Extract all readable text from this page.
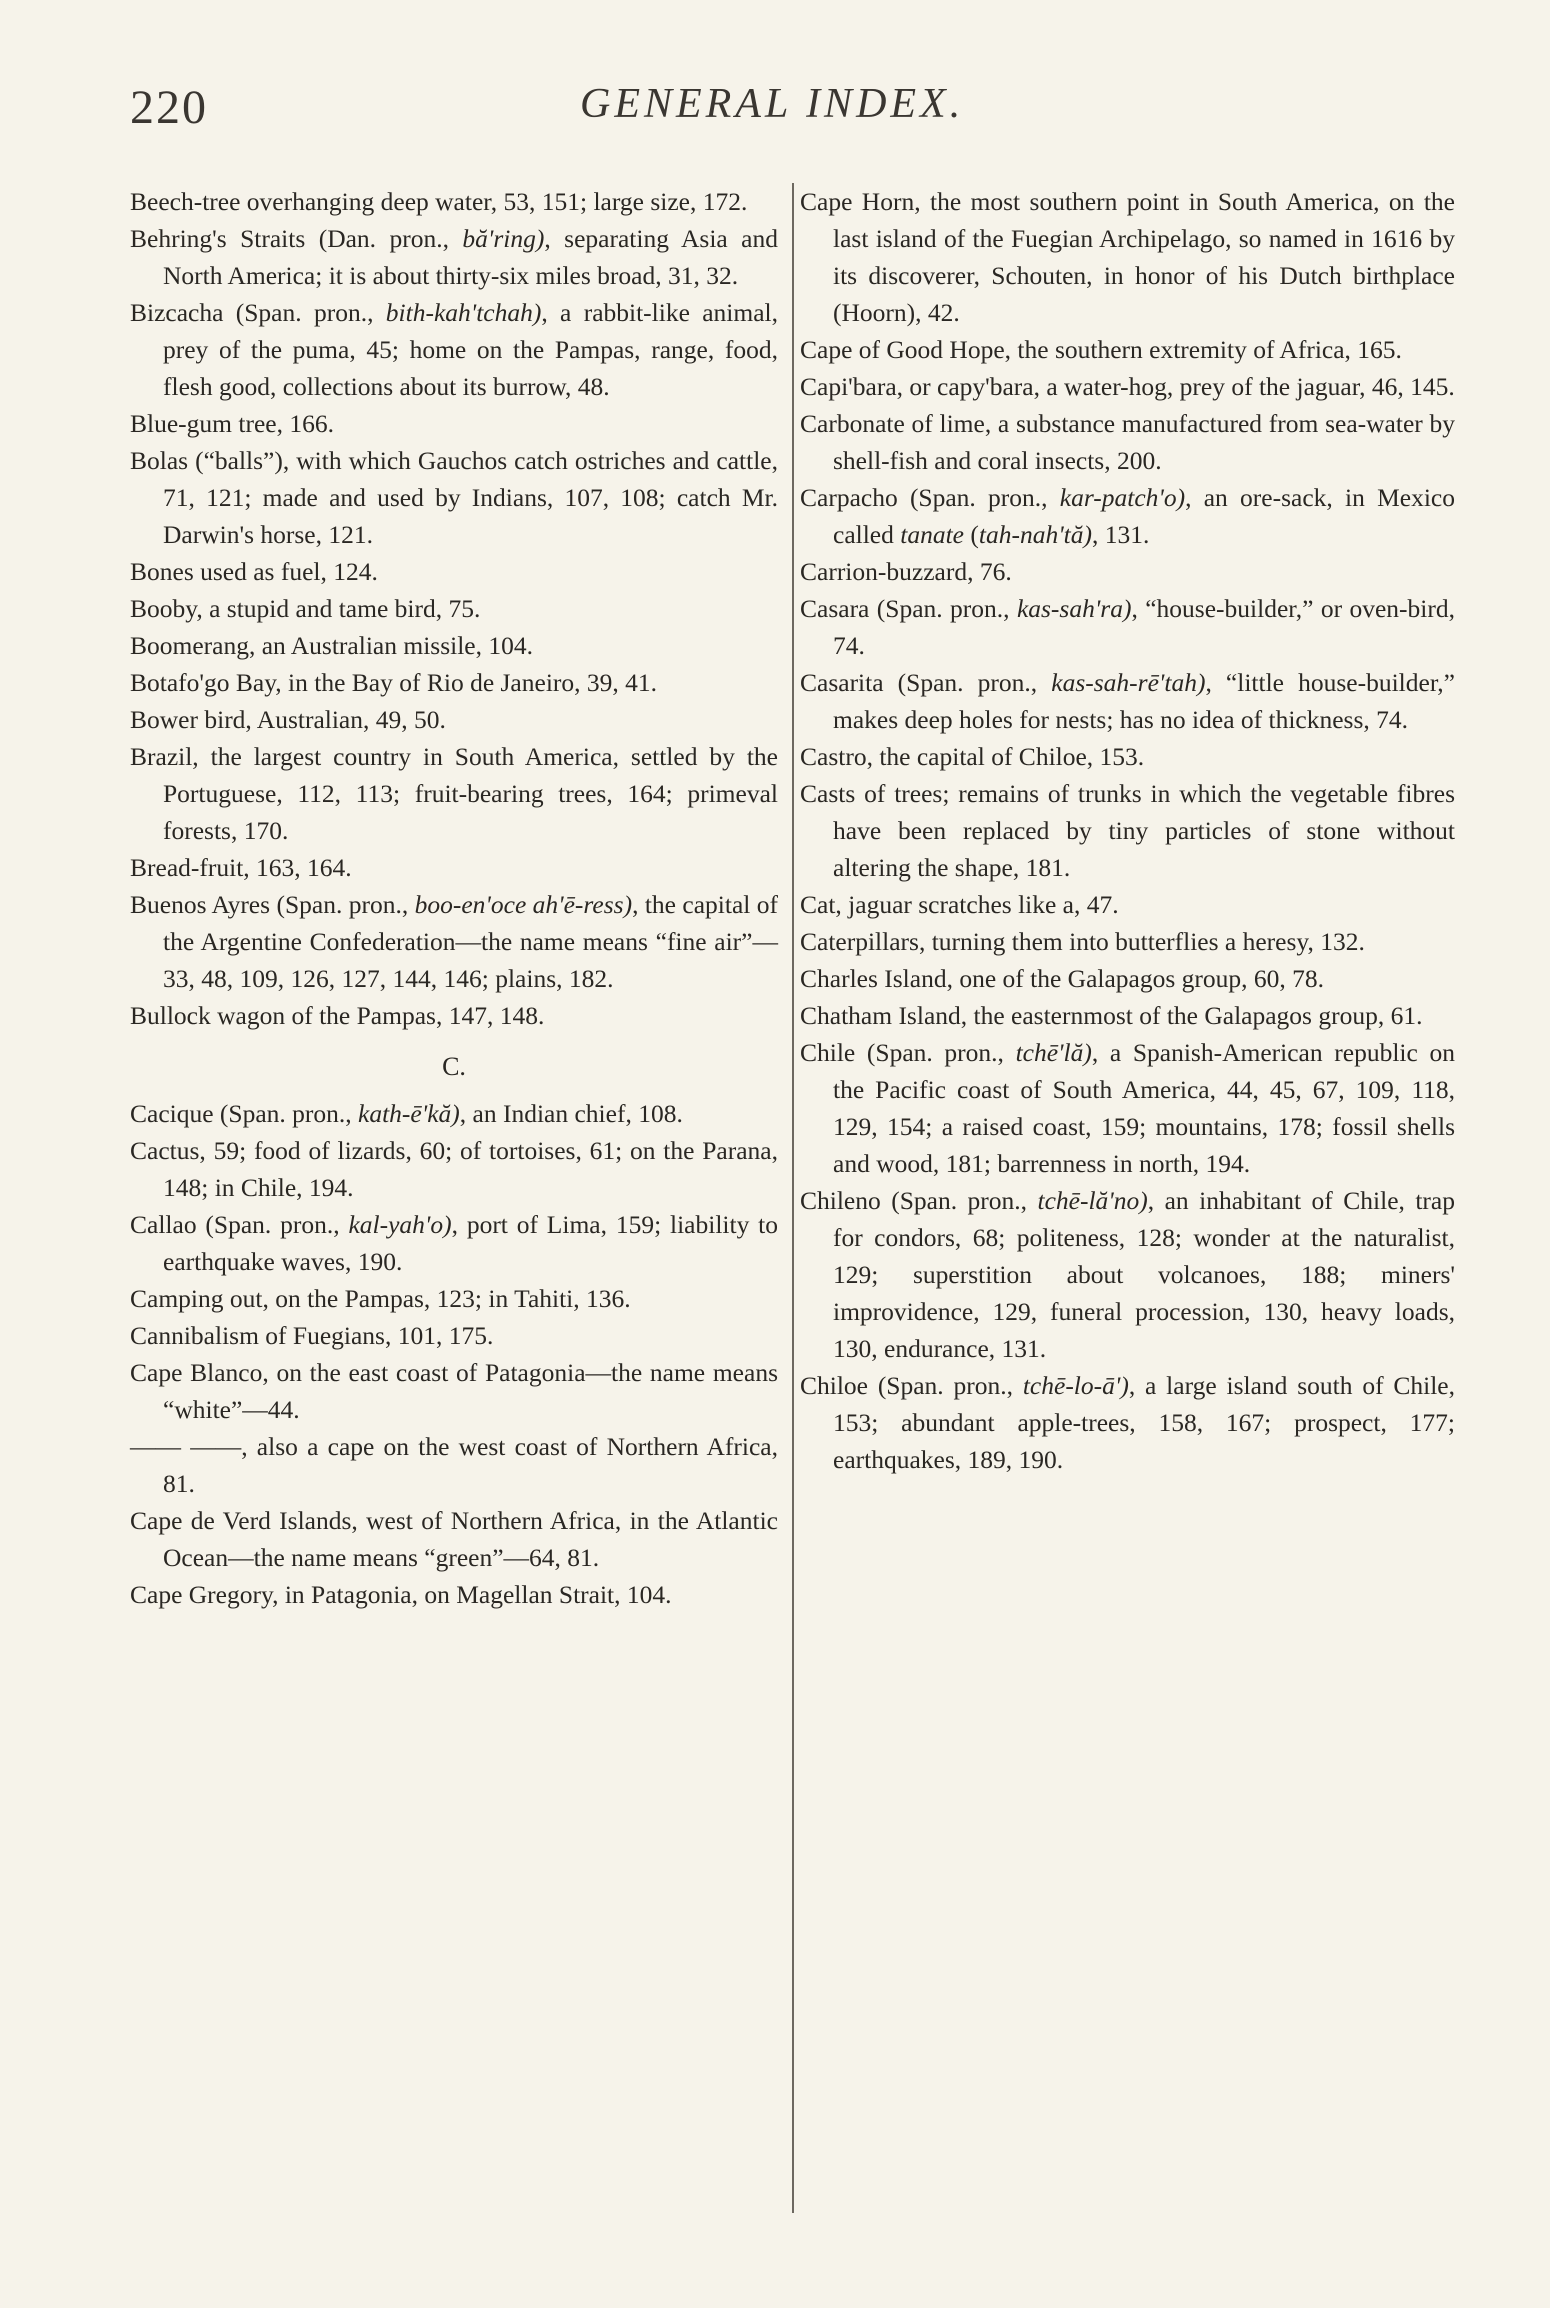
220	GENERAL INDEX.

Beech-tree overhanging deep water, 53, 151; large size, 172.

Behring's Straits (Dan. pron., bă'ring), separating Asia and North America; it is about thirty-six miles broad, 31, 32.

Bizcacha (Span. pron., bith-kah'tchah), a rabbit-like animal, prey of the puma, 45; home on the Pampas, range, food, flesh good, collections about its burrow, 48.

Blue-gum tree, 166.

Bolas (“balls”), with which Gauchos catch ostriches and cattle, 71, 121; made and used by Indians, 107, 108; catch Mr. Darwin's horse, 121.

Bones used as fuel, 124.

Booby, a stupid and tame bird, 75.

Boomerang, an Australian missile, 104.

Botafo'go Bay, in the Bay of Rio de Janeiro, 39, 41.

Bower bird, Australian, 49, 50.

Brazil, the largest country in South America, settled by the Portuguese, 112, 113; fruit-bearing trees, 164; primeval forests, 170.

Bread-fruit, 163, 164.

Buenos Ayres (Span. pron., boo-en'oce ah'ē-ress), the capital of the Argentine Confederation—the name means “fine air”—33, 48, 109, 126, 127, 144, 146; plains, 182.

Bullock wagon of the Pampas, 147, 148.

C.

Cacique (Span. pron., kath-ē'kă), an Indian chief, 108.

Cactus, 59; food of lizards, 60; of tortoises, 61; on the Parana, 148; in Chile, 194.

Callao (Span. pron., kal-yah'o), port of Lima, 159; liability to earthquake waves, 190.

Camping out, on the Pampas, 123; in Tahiti, 136.

Cannibalism of Fuegians, 101, 175.

Cape Blanco, on the east coast of Patagonia—the name means “white”—44.

—— ——, also a cape on the west coast of Northern Africa, 81.

Cape de Verd Islands, west of Northern Africa, in the Atlantic Ocean—the name means “green”—64, 81.

Cape Gregory, in Patagonia, on Magellan Strait, 104.

Cape Horn, the most southern point in South America, on the last island of the Fuegian Archipelago, so named in 1616 by its discoverer, Schouten, in honor of his Dutch birthplace (Hoorn), 42.

Cape of Good Hope, the southern extremity of Africa, 165.

Capi'bara, or capy'bara, a water-hog, prey of the jaguar, 46, 145.

Carbonate of lime, a substance manufactured from sea-water by shell-fish and coral insects, 200.

Carpacho (Span. pron., kar-patch'o), an ore-sack, in Mexico called tanate (tah-nah'tă), 131.

Carrion-buzzard, 76.

Casara (Span. pron., kas-sah'ra), “house-builder,” or oven-bird, 74.

Casarita (Span. pron., kas-sah-rē'tah), “little house-builder,” makes deep holes for nests; has no idea of thickness, 74.

Castro, the capital of Chiloe, 153.

Casts of trees; remains of trunks in which the vegetable fibres have been replaced by tiny particles of stone without altering the shape, 181.

Cat, jaguar scratches like a, 47.

Caterpillars, turning them into butterflies a heresy, 132.

Charles Island, one of the Galapagos group, 60, 78.

Chatham Island, the easternmost of the Galapagos group, 61.

Chile (Span. pron., tchē'lă), a Spanish-American republic on the Pacific coast of South America, 44, 45, 67, 109, 118, 129, 154; a raised coast, 159; mountains, 178; fossil shells and wood, 181; barrenness in north, 194.

Chileno (Span. pron., tchē-lă'no), an inhabitant of Chile, trap for condors, 68; politeness, 128; wonder at the naturalist, 129; superstition about volcanoes, 188; miners' improvidence, 129, funeral procession, 130, heavy loads, 130, endurance, 131.

Chiloe (Span. pron., tchē-lo-ā'), a large island south of Chile, 153; abundant apple-trees, 158, 167; prospect, 177; earthquakes, 189, 190.
